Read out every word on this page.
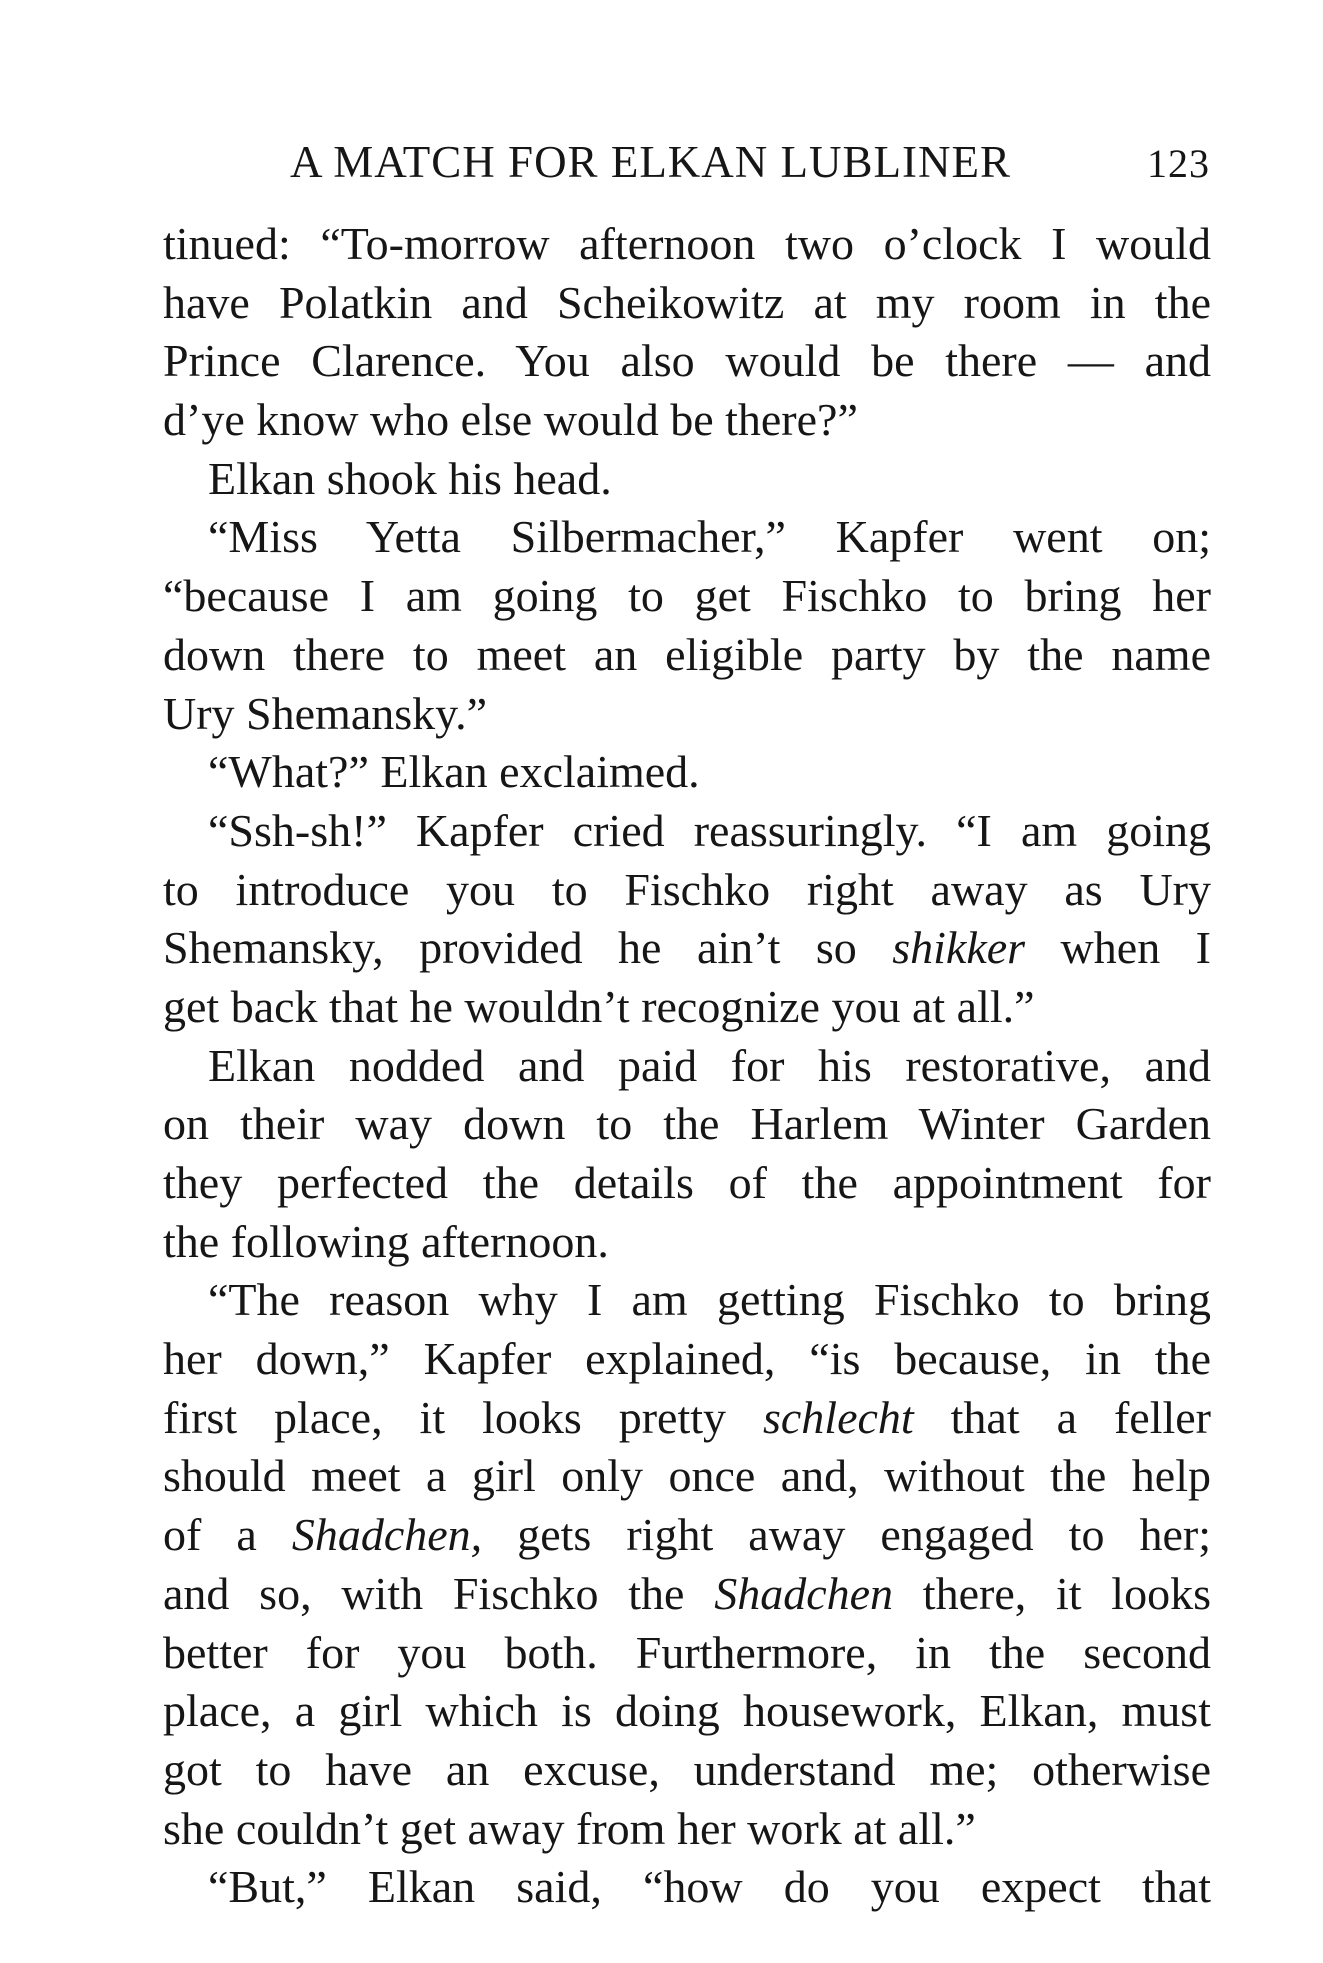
A MATCH FOR ELKAN LUBLINER	123
tinued: “To-morrow afternoon two o’clock I would
have Polatkin and Scheikowitz at my room in the
Prince Clarence. You also would be there — and
d’ye know who else would be there?”
Elkan shook his head.
“Miss Yetta Silbermacher,” Kapfer went on;
“because I am going to get Fischko to bring her
down there to meet an eligible party by the name
Ury Shemansky.”
“What?” Elkan exclaimed.
“Ssh-sh!” Kapfer cried reassuringly. “I am going
to introduce you to Fischko right away as Ury
Shemansky, provided he ain’t so shikker when I
get back that he wouldn’t recognize you at all.”
Elkan nodded and paid for his restorative, and
on their way down to the Harlem Winter Garden
they perfected the details of the appointment for
the following afternoon.
“The reason why I am getting Fischko to bring
her down,” Kapfer explained, “is because, in the
first place, it looks pretty schlecht that a feller
should meet a girl only once and, without the help
of a Shadchen, gets right away engaged to her;
and so, with Fischko the Shadchen there, it looks
better for you both. Furthermore, in the second
place, a girl which is doing housework, Elkan, must
got to have an excuse, understand me; otherwise
she couldn’t get away from her work at all.”
“But,” Elkan said, “how do you expect that
